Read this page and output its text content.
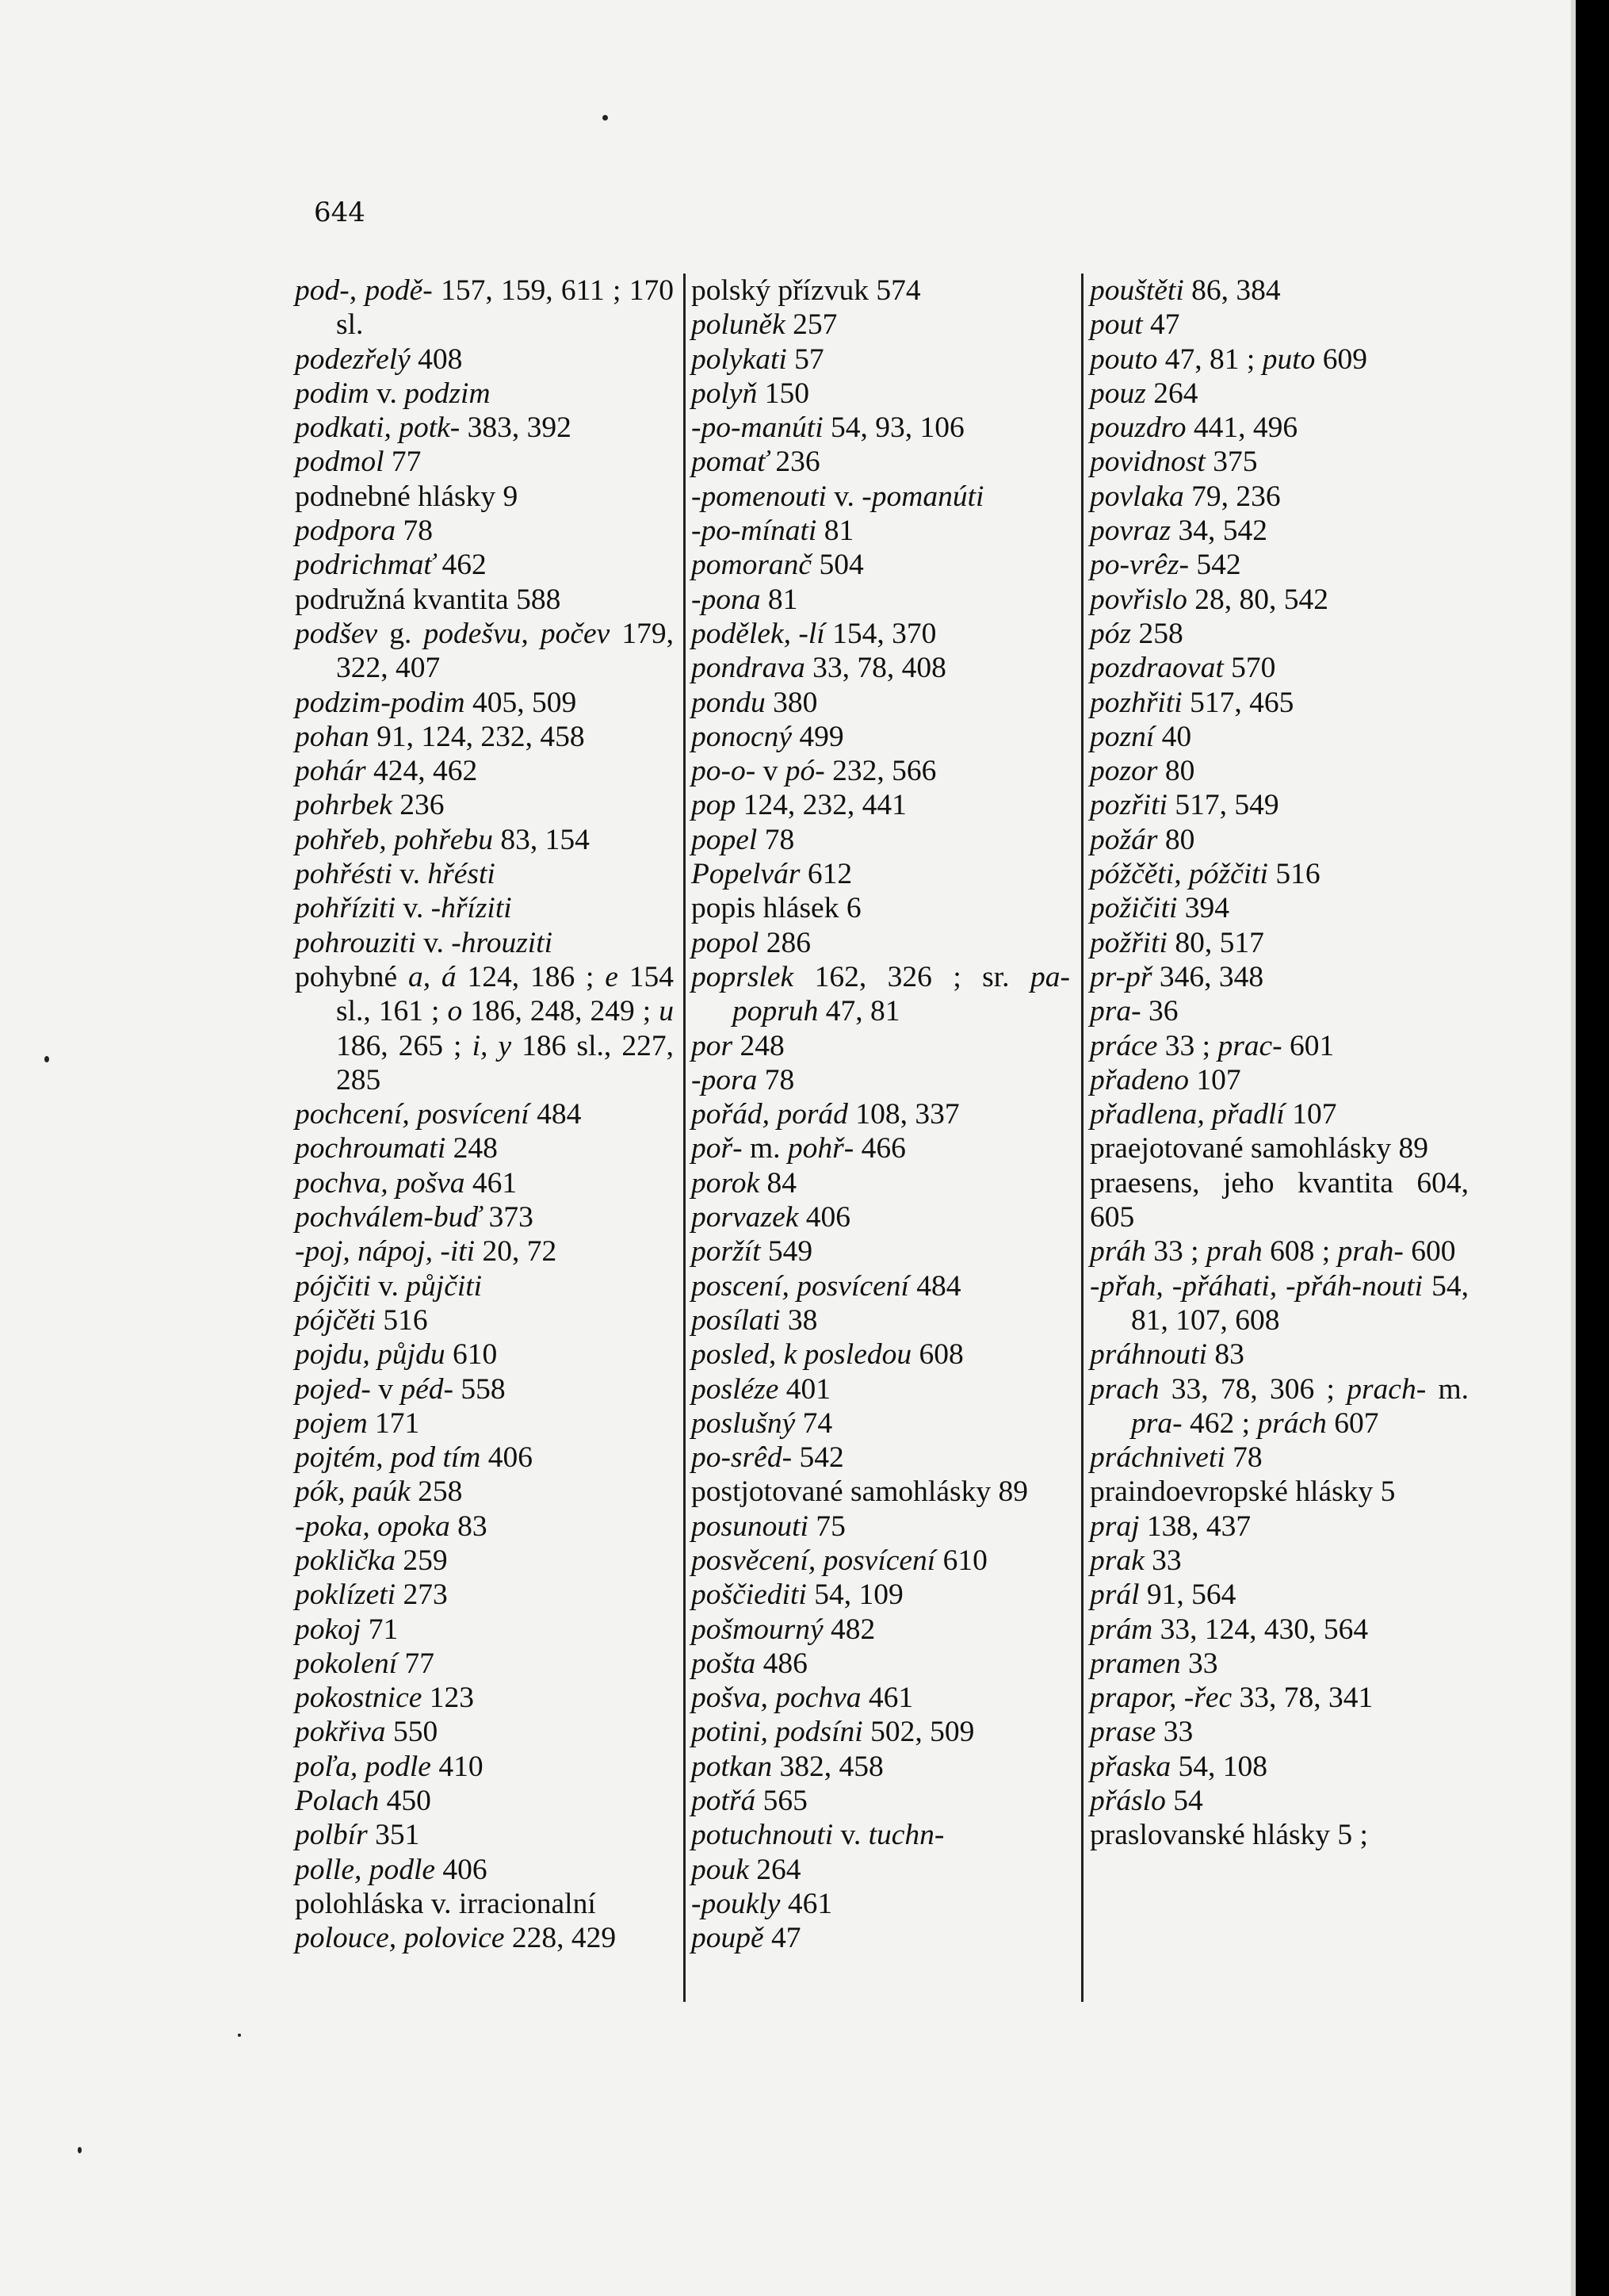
644
pod-, podě- 157, 159, 611 ; 170 sl.
podezřelý 408
podim v. podzim
podkati, potk- 383, 392
podmol 77
podnebné hlásky 9
podpora 78
podrichmať 462
podružná kvantita 588
podšev g. podešvu, počev 179, 322, 407
podzim-podim 405, 509
pohan 91, 124, 232, 458
pohár 424, 462
pohrbek 236
pohřeb, pohřebu 83, 154
pohřésti v. hřésti
pohříziti v. -hříziti
pohrouziti v. -hrouziti
pohybné a, á 124, 186 ; e 154 sl., 161 ; o 186, 248, 249 ; u 186, 265 ; i, y 186 sl., 227, 285
pochcení, posvícení 484
pochroumati 248
pochva, pošva 461
pochválem-buď 373
-poj, nápoj, -iti 20, 72
pójčiti v. půjčiti
pójčěti 516
pojdu, půjdu 610
pojed- v péd- 558
pojem 171
pojtém, pod tím 406
pók, paúk 258
-poka, opoka 83
poklička 259
poklízeti 273
pokoj 71
pokolení 77
pokostnice 123
pokřiva 550
poľa, podle 410
Polach 450
polbír 351
polle, podle 406
polohláska v. irracionalní
polouce, polovice 228, 429
polský přízvuk 574
poluněk 257
polykati 57
polyň 150
-po-manúti 54, 93, 106
pomať 236
-pomenouti v. -pomanúti
-po-mínati 81
pomoranč 504
-pona 81
podělek, -lí 154, 370
pondrava 33, 78, 408
pondu 380
ponocný 499
po-o- v pó- 232, 566
pop 124, 232, 441
popel 78
Popelvár 612
popis hlásek 6
popol 286
poprslek 162, 326 ; sr. pa-popruh 47, 81
por 248
-pora 78
pořád, porád 108, 337
poř- m. pohř- 466
porok 84
porvazek 406
poržít 549
poscení, posvícení 484
posílati 38
posled, k posledou 608
posléze 401
poslušný 74
po-srêd- 542
postjotované samohlásky 89
posunouti 75
posvěcení, posvícení 610
poščiediti 54, 109
pošmourný 482
pošta 486
pošva, pochva 461
potini, podsíni 502, 509
potkan 382, 458
potřá 565
potuchnouti v. tuchn-
pouk 264
-poukly 461
poupě 47
pouštěti 86, 384
pout 47
pouto 47, 81 ; puto 609
pouz 264
pouzdro 441, 496
povidnost 375
povlaka 79, 236
povraz 34, 542
po-vrêz- 542
povřislo 28, 80, 542
póz 258
pozdraovat 570
pozhřiti 517, 465
pozní 40
pozor 80
pozřiti 517, 549
požár 80
póžčěti, póžčiti 516
požičiti 394
požřiti 80, 517
pr-př 346, 348
pra- 36
práce 33 ; prac- 601
přadeno 107
přadlena, přadlí 107
praejotované samohlásky 89
praesens, jeho kvantita 604, 605
práh 33 ; prah 608 ; prah- 600
-přah, -přáhati, -přáh-nouti 54, 81, 107, 608
práhnouti 83
prach 33, 78, 306 ; prach- m. pra- 462 ; prách 607
práchniveti 78
praindoevropské hlásky 5
praj 138, 437
prak 33
prál 91, 564
prám 33, 124, 430, 564
pramen 33
prapor, -řec 33, 78, 341
prase 33
přaska 54, 108
přáslo 54
praslovanské hlásky 5 ;
